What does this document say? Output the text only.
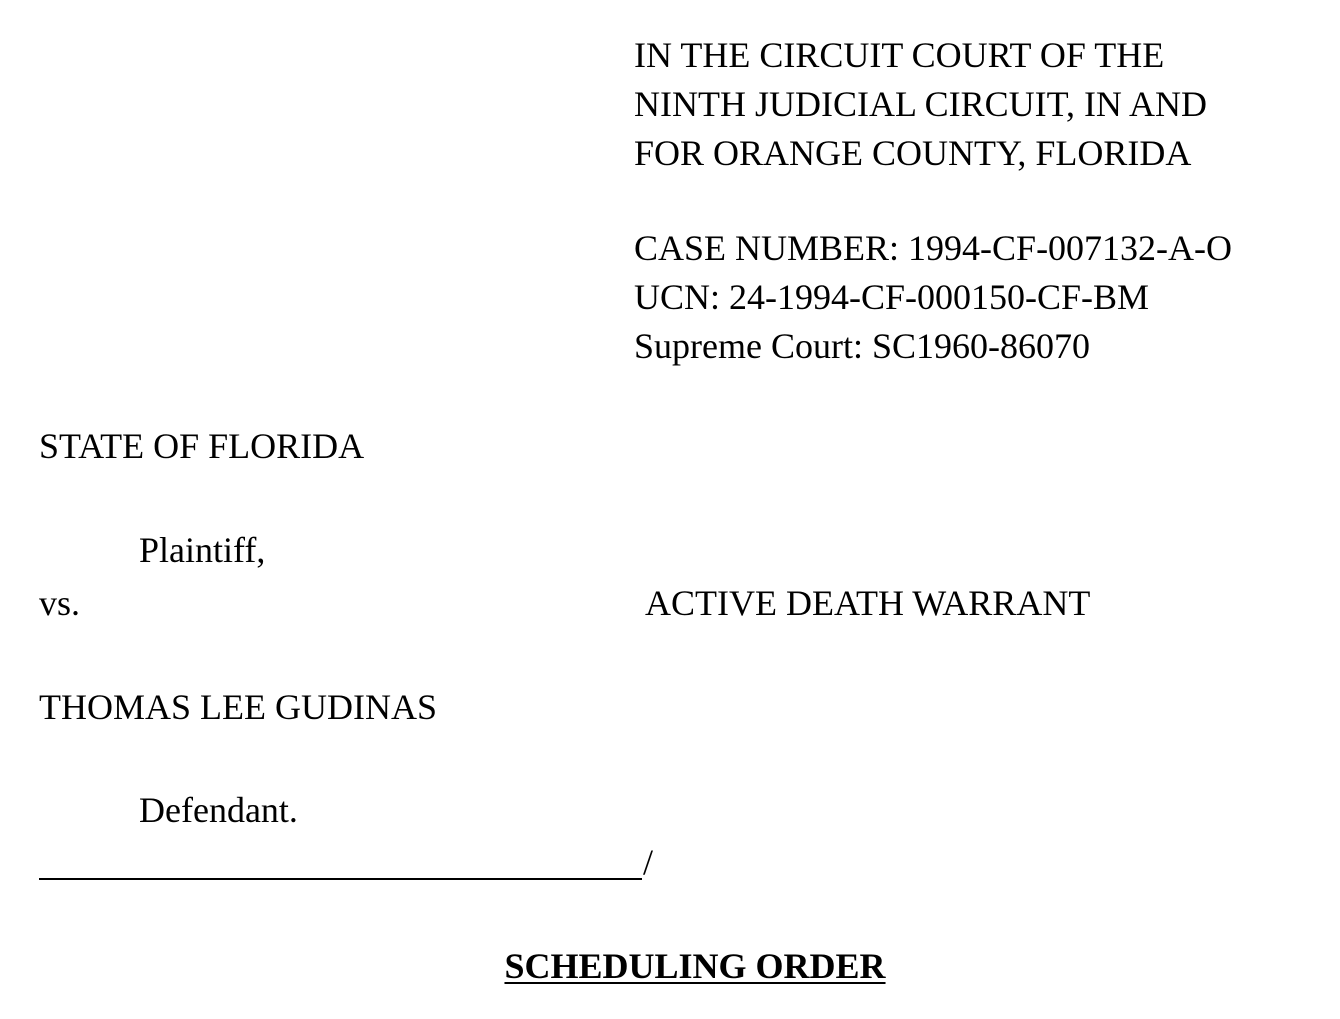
IN THE CIRCUIT COURT OF THE
NINTH JUDICIAL CIRCUIT, IN AND
FOR ORANGE COUNTY, FLORIDA
CASE NUMBER: 1994-CF-007132-A-O
UCN: 24-1994-CF-000150-CF-BM
Supreme Court: SC1960-86070
STATE OF FLORIDA
Plaintiff,
vs.	ACTIVE DEATH WARRANT
THOMAS LEE GUDINAS
Defendant.
/
SCHEDULING ORDER
